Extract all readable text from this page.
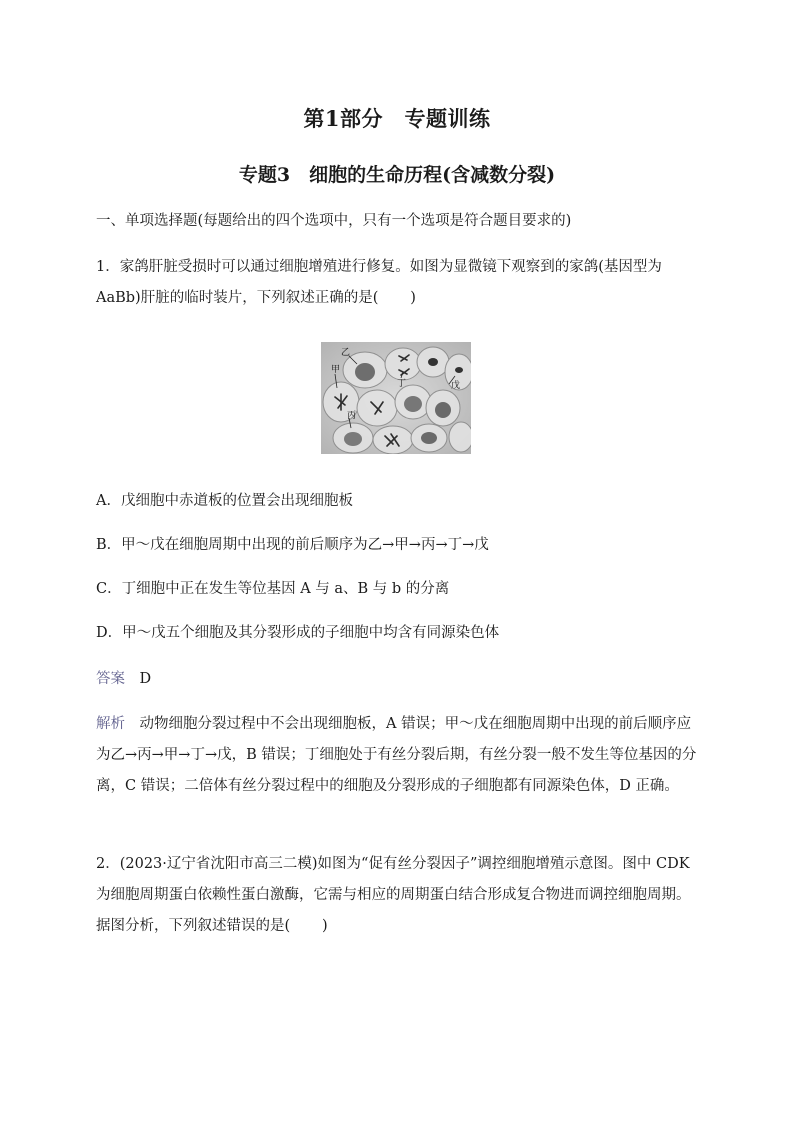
第1部分　专题训练
专题3　细胞的生命历程(含减数分裂)
一、单项选择题(每题给出的四个选项中，只有一个选项是符合题目要求的)
1．家鸽肝脏受损时可以通过细胞增殖进行修复。如图为显微镜下观察到的家鸽(基因型为 AaBb)肝脏的临时装片，下列叙述正确的是( )
甲
乙
丁	戊
丙
A．戊细胞中赤道板的位置会出现细胞板
B．甲～戊在细胞周期中出现的前后顺序为乙→甲→丙→丁→戊
C．丁细胞中正在发生等位基因 A 与 a、B 与 b 的分离
D．甲～戊五个细胞及其分裂形成的子细胞中均含有同源染色体
答案　 D
解析　 动物细胞分裂过程中不会出现细胞板，A 错误；甲～戊在细胞周期中出现的前后顺序应为乙→丙→甲→丁→戊，B 错误；丁细胞处于有丝分裂后期，有丝分裂一般不发生等位基因的分离，C 错误；二倍体有丝分裂过程中的细胞及分裂形成的子细胞都有同源染色体，D 正确。
2．(2023·辽宁省沈阳市高三二模)如图为“促有丝分裂因子”调控细胞增殖示意图。图中 CDK 为细胞周期蛋白依赖性蛋白激酶，它需与相应的周期蛋白结合形成复合物进而调控细胞周期。据图分析，下列叙述错误的是( )
